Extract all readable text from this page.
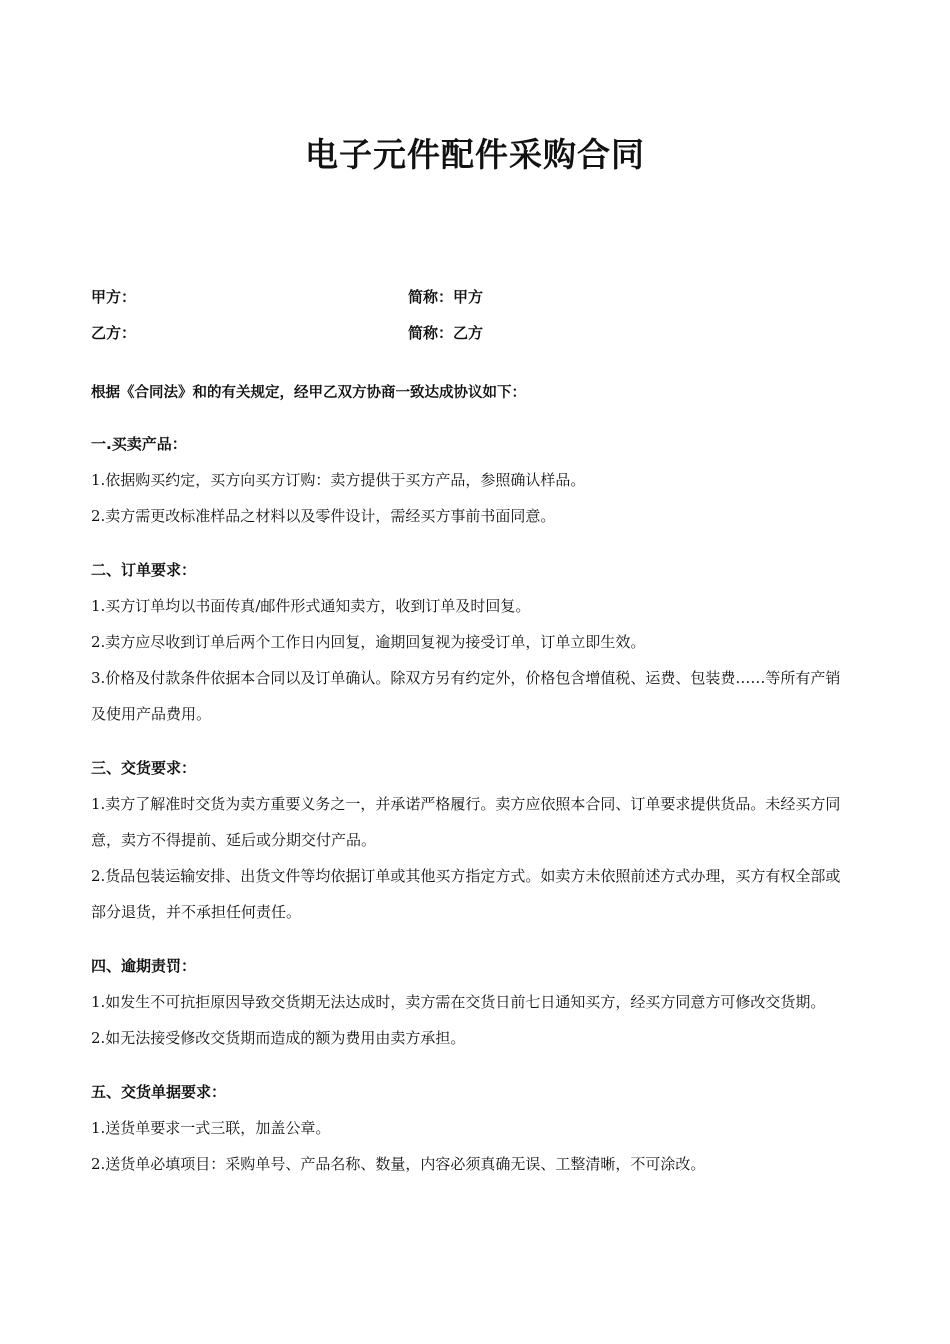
电子元件配件采购合同
甲方：	简称：甲方
乙方：	简称：乙方

根据《合同法》和的有关规定，经甲乙双方协商一致达成协议如下：

一.买卖产品：

1.依据购买约定，买方向买方订购：卖方提供于买方产品，参照确认样品。

2.卖方需更改标准样品之材料以及零件设计，需经买方事前书面同意。

二、订单要求：

1.买方订单均以书面传真/邮件形式通知卖方，收到订单及时回复。

2.卖方应尽收到订单后两个工作日内回复，逾期回复视为接受订单，订单立即生效。

3.价格及付款条件依据本合同以及订单确认。除双方另有约定外，价格包含增值税、运费、包装费……等所有产销及使用产品费用。

三、交货要求：

1.卖方了解准时交货为卖方重要义务之一，并承诺严格履行。卖方应依照本合同、订单要求提供货品。未经买方同意，卖方不得提前、延后或分期交付产品。

2.货品包装运输安排、出货文件等均依据订单或其他买方指定方式。如卖方未依照前述方式办理，买方有权全部或部分退货，并不承担任何责任。

四、逾期责罚：

1.如发生不可抗拒原因导致交货期无法达成时，卖方需在交货日前七日通知买方，经买方同意方可修改交货期。

2.如无法接受修改交货期而造成的额为费用由卖方承担。

五、交货单据要求：

1.送货单要求一式三联，加盖公章。

2.送货单必填项目：采购单号、产品名称、数量，内容必须真确无误、工整清晰，不可涂改。
